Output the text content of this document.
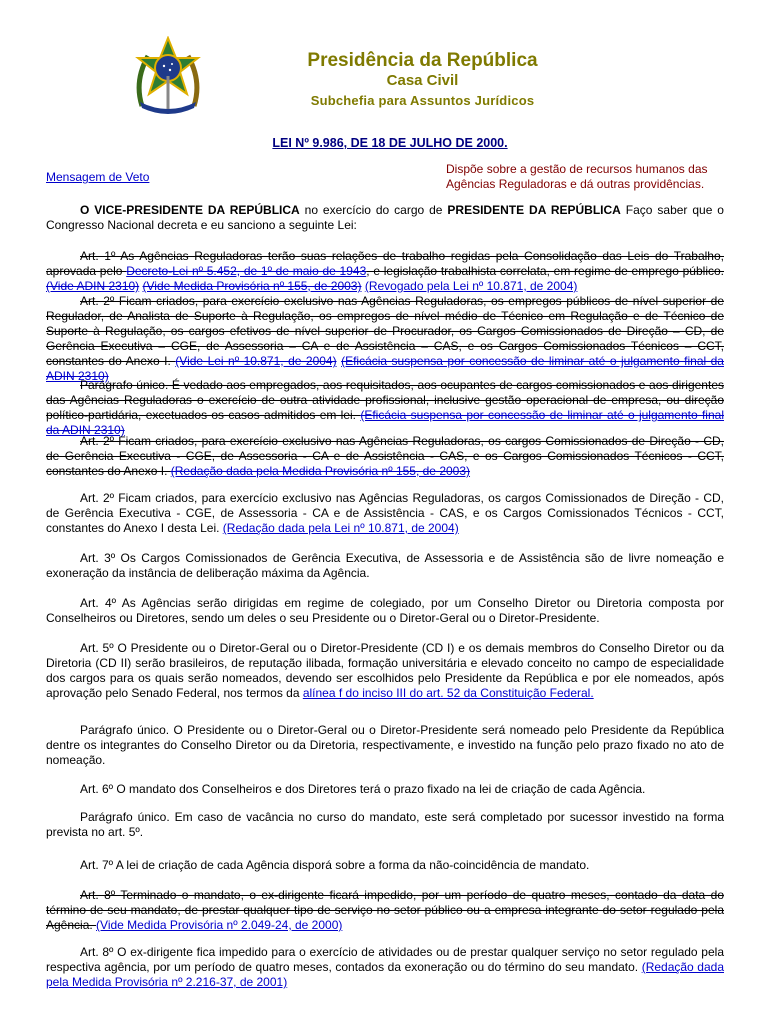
Presidência da República
Casa Civil
Subchefia para Assuntos Jurídicos
LEI Nº 9.986, DE 18 DE JULHO DE 2000.
Mensagem de Veto
Dispõe sobre a gestão de recursos humanos das Agências Reguladoras e dá outras providências.
O VICE-PRESIDENTE DA REPÚBLICA no exercício do cargo de PRESIDENTE DA REPÚBLICA Faço saber que o Congresso Nacional decreta e eu sanciono a seguinte Lei:
Art. 1º As Agências Reguladoras terão suas relações de trabalho regidas pela Consolidação das Leis do Trabalho, aprovada pelo Decreto-Lei nº 5.452, de 1º de maio de 1943, e legislação trabalhista correlata, em regime de emprego público. (Vide ADIN 2310) (Vide Medida Provisória nº 155, de 2003) (Revogado pela Lei nº 10.871, de 2004)
Art. 2º Ficam criados, para exercício exclusivo nas Agências Reguladoras, os empregos públicos de nível superior de Regulador, de Analista de Suporte à Regulação, os empregos de nível médio de Técnico em Regulação e de Técnico de Suporte à Regulação, os cargos efetivos de nível superior de Procurador, os Cargos Comissionados de Direção – CD, de Gerência Executiva – CGE, de Assessoria – CA e de Assistência – CAS, e os Cargos Comissionados Técnicos – CCT, constantes do Anexo I. (Vide Lei nº 10.871, de 2004) (Eficácia suspensa por concessão de liminar até o julgamento final da ADIN 2310)
Parágrafo único. É vedado aos empregados, aos requisitados, aos ocupantes de cargos comissionados e aos dirigentes das Agências Reguladoras o exercício de outra atividade profissional, inclusive gestão operacional de empresa, ou direção político-partidária, excetuados os casos admitidos em lei. (Eficácia suspensa por concessão de liminar até o julgamento final da ADIN 2310)
Art. 2º Ficam criados, para exercício exclusivo nas Agências Reguladoras, os cargos Comissionados de Direção - CD, de Gerência Executiva - CGE, de Assessoria - CA e de Assistência - CAS, e os Cargos Comissionados Técnicos - CCT, constantes do Anexo I. (Redação dada pela Medida Provisória nº 155, de 2003)
Art. 2º Ficam criados, para exercício exclusivo nas Agências Reguladoras, os cargos Comissionados de Direção - CD, de Gerência Executiva - CGE, de Assessoria - CA e de Assistência - CAS, e os Cargos Comissionados Técnicos - CCT, constantes do Anexo I desta Lei. (Redação dada pela Lei nº 10.871, de 2004)
Art. 3º Os Cargos Comissionados de Gerência Executiva, de Assessoria e de Assistência são de livre nomeação e exoneração da instância de deliberação máxima da Agência.
Art. 4º As Agências serão dirigidas em regime de colegiado, por um Conselho Diretor ou Diretoria composta por Conselheiros ou Diretores, sendo um deles o seu Presidente ou o Diretor-Geral ou o Diretor-Presidente.
Art. 5º O Presidente ou o Diretor-Geral ou o Diretor-Presidente (CD I) e os demais membros do Conselho Diretor ou da Diretoria (CD II) serão brasileiros, de reputação ilibada, formação universitária e elevado conceito no campo de especialidade dos cargos para os quais serão nomeados, devendo ser escolhidos pelo Presidente da República e por ele nomeados, após aprovação pelo Senado Federal, nos termos da alínea f do inciso III do art. 52 da Constituição Federal.
Parágrafo único. O Presidente ou o Diretor-Geral ou o Diretor-Presidente será nomeado pelo Presidente da República dentre os integrantes do Conselho Diretor ou da Diretoria, respectivamente, e investido na função pelo prazo fixado no ato de nomeação.
Art. 6º O mandato dos Conselheiros e dos Diretores terá o prazo fixado na lei de criação de cada Agência.
Parágrafo único. Em caso de vacância no curso do mandato, este será completado por sucessor investido na forma prevista no art. 5º.
Art. 7º A lei de criação de cada Agência disporá sobre a forma da não-coincidência de mandato.
Art. 8º Terminado o mandato, o ex-dirigente ficará impedido, por um período de quatro meses, contado da data do término de seu mandato, de prestar qualquer tipo de serviço no setor público ou a empresa integrante do setor regulado pela Agência. (Vide Medida Provisória nº 2.049-24, de 2000)
Art. 8º O ex-dirigente fica impedido para o exercício de atividades ou de prestar qualquer serviço no setor regulado pela respectiva agência, por um período de quatro meses, contados da exoneração ou do término do seu mandato. (Redação dada pela Medida Provisória nº 2.216-37, de 2001)
